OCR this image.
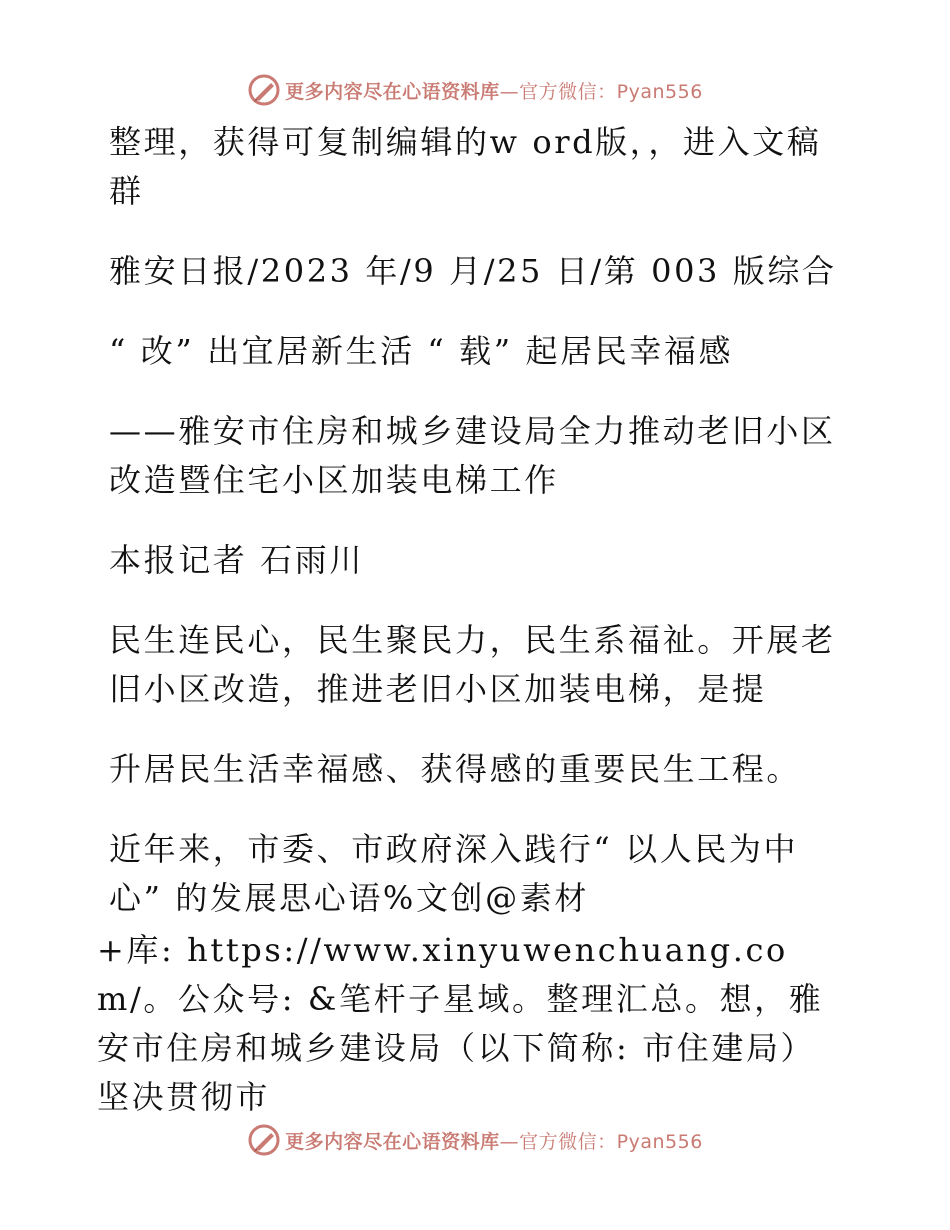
更多内容尽在心语资料库—官方微信：Pyan556

整理，获得可复制编辑的w ord版，，进入文稿群

雅安日报/2023 年/9 月/25 日/第 003 版综合

“ 改” 出宜居新生活 “ 载” 起居民幸福感

——雅安市住房和城乡建设局全力推动老旧小区改造暨住宅小区加装电梯工作

本报记者 石雨川

民生连民心，民生聚民力，民生系福祉。开展老旧小区改造，推进老旧小区加装电梯，是提

升居民生活幸福感、获得感的重要民生工程。

近年来，市委、市政府深入践行“ 以人民为中心” 的发展思心语%文创@素材

+库: https://www.xinyuwenchuang.com/。公众号: &笔杆子星域。整理汇总。想，雅安市住房和城乡建设局（以下简称: 市住建局）坚决贯彻市

更多内容尽在心语资料库—官方微信：Pyan556
